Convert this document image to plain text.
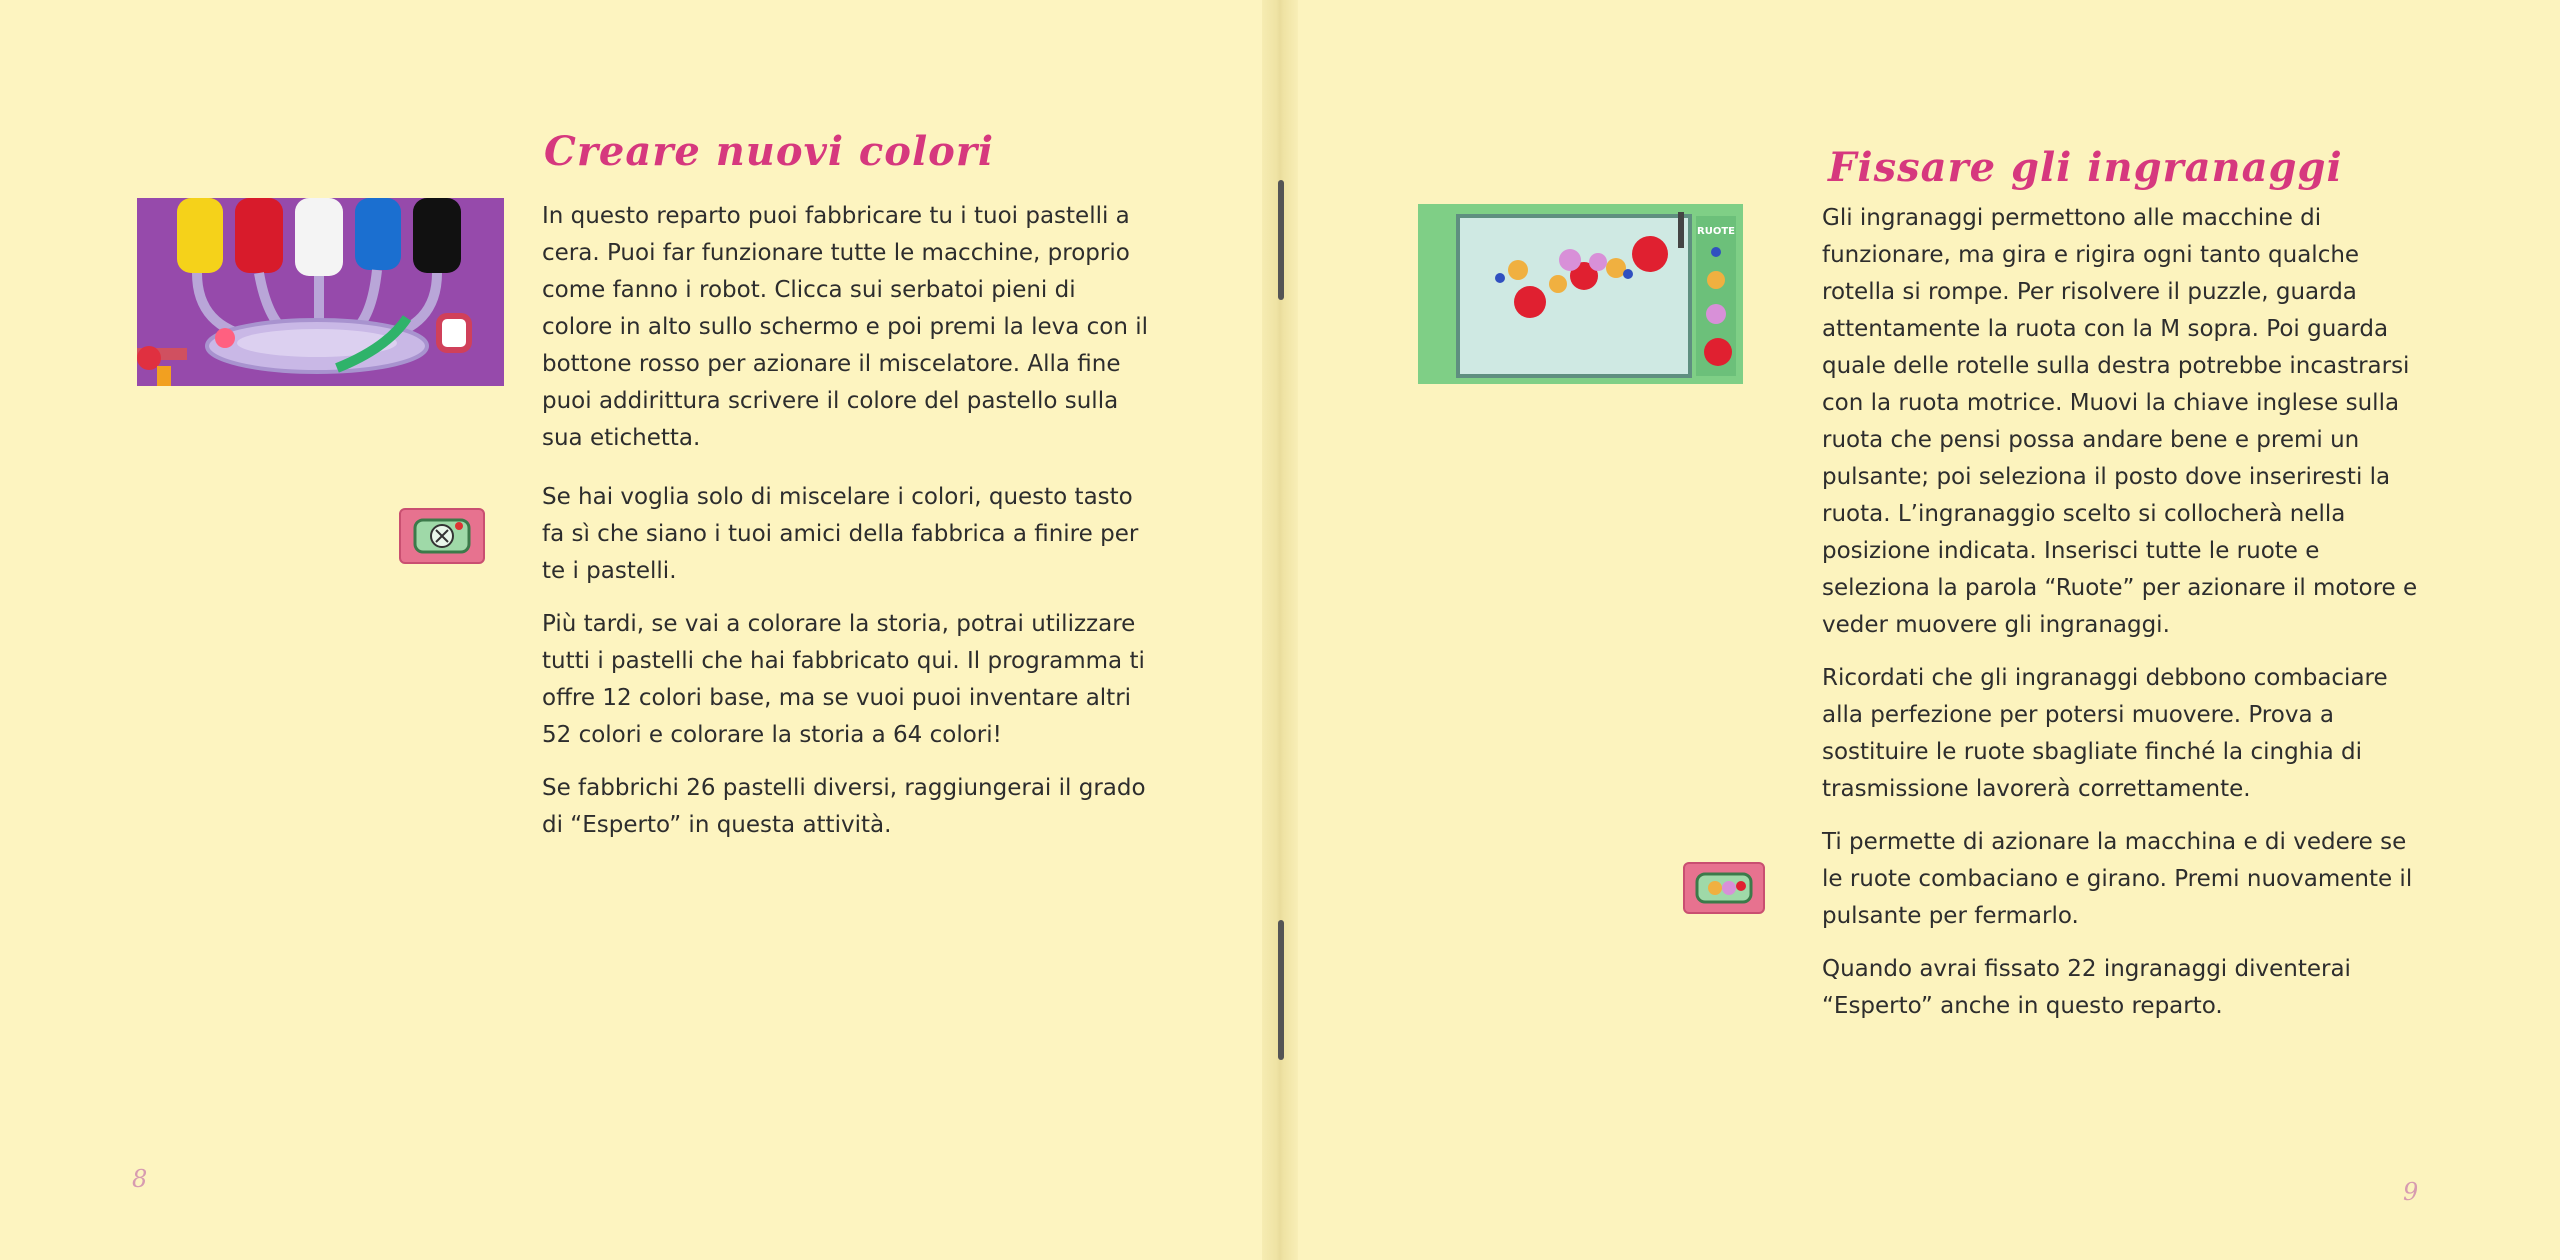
Creare nuovi colori

In questo reparto puoi fabbricare tu i tuoi pastelli a cera. Puoi far funzionare tutte le macchine, proprio come fanno i robot. Clicca sui serbatoi pieni di colore in alto sullo schermo e poi premi la leva con il bottone rosso per azionare il miscelatore. Alla fine puoi addirittura scrivere il colore del pastello sulla sua etichetta.

Se hai voglia solo di miscelare i colori, questo tasto fa sì che siano i tuoi amici della fabbrica a finire per te i pastelli.

Più tardi, se vai a colorare la storia, potrai utilizzare tutti i pastelli che hai fabbricato qui. Il programma ti offre 12 colori base, ma se vuoi puoi inventare altri 52 colori e colorare la storia a 64 colori!

Se fabbrichi 26 pastelli diversi, raggiungerai il grado di “Esperto” in questa attività.

8
Fissare gli ingranaggi
RUOTE

Gli ingranaggi permettono alle macchine di funzionare, ma gira e rigira ogni tanto qualche rotella si rompe. Per risolvere il puzzle, guarda attentamente la ruota con la M sopra. Poi guarda quale delle rotelle sulla destra potrebbe incastrarsi con la ruota motrice. Muovi la chiave inglese sulla ruota che pensi possa andare bene e premi un pulsante; poi seleziona il posto dove inseriresti la ruota. L’ingranaggio scelto si collocherà nella posizione indicata. Inserisci tutte le ruote e seleziona la parola “Ruote” per azionare il motore e veder muovere gli ingranaggi.

Ricordati che gli ingranaggi debbono combaciare alla perfezione per potersi muovere. Prova a sostituire le ruote sbagliate finché la cinghia di trasmissione lavorerà correttamente.

Ti permette di azionare la macchina e di vedere se le ruote combaciano e girano. Premi nuovamente il pulsante per fermarlo.

Quando avrai fissato 22 ingranaggi diventerai “Esperto” anche in questo reparto.

9
